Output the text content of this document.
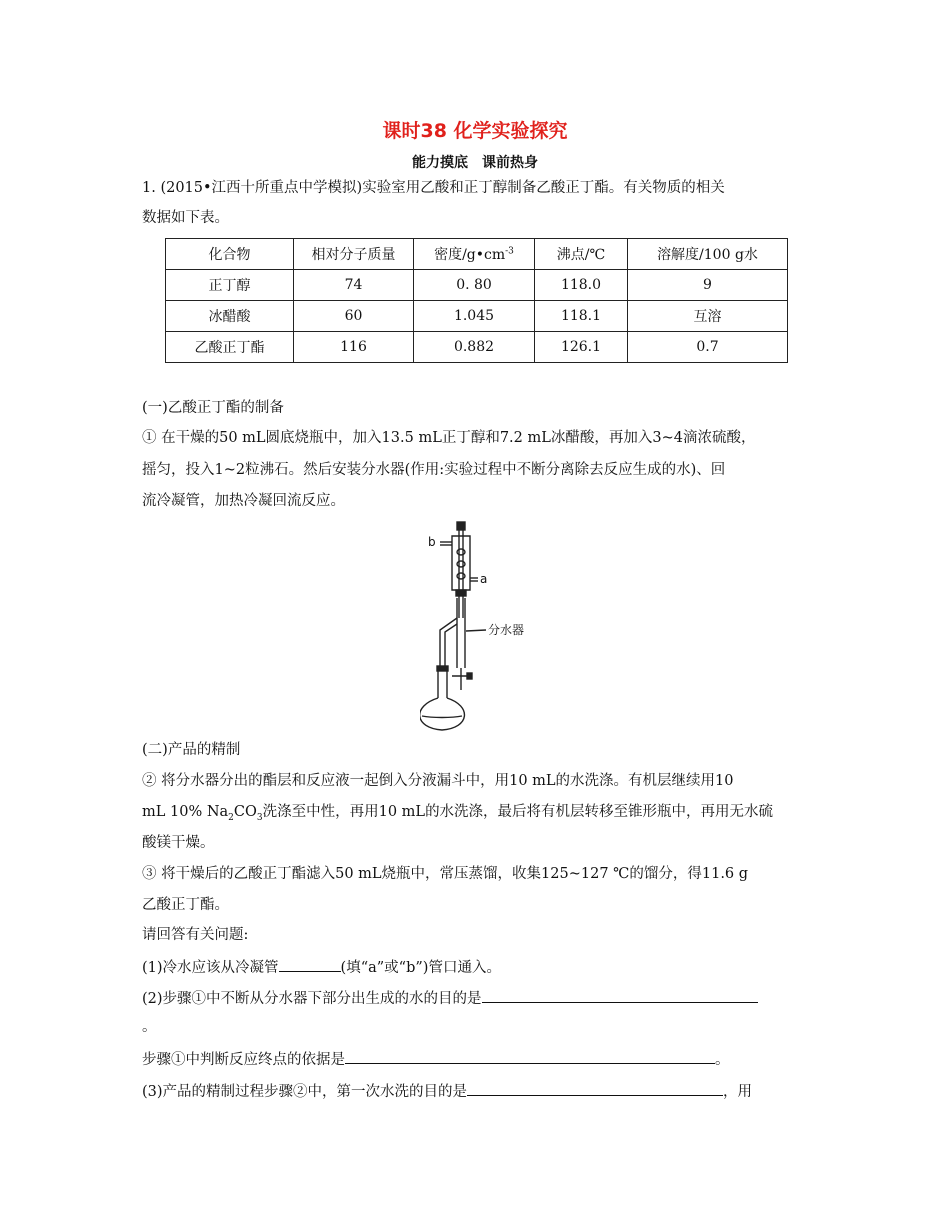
课时38 化学实验探究
能力摸底　课前热身
1. (2015•江西十所重点中学模拟)实验室用乙酸和正丁醇制备乙酸正丁酯。有关物质的相关
数据如下表。
化合物	相对分子质量	密度$/g•cm^{-3}$	沸点/℃	溶解度/100 g水
正丁醇	74	0. 80	118.0	9
冰醋酸	60	1.045	118.1	互溶
乙酸正丁酯	116	0.882	126.1	0.7
(一)乙酸正丁酯的制备
① 在干燥的50 mL圆底烧瓶中，加入13.5 mL正丁醇和7.2 mL冰醋酸，再加入3~4滴浓硫酸，
摇匀，投入1~2粒沸石。然后安装分水器(作用:实验过程中不断分离除去反应生成的水)、回
流冷凝管，加热冷凝回流反应。
b
a
分水器
(二)产品的精制
② 将分水器分出的酯层和反应液一起倒入分液漏斗中，用10 mL的水洗涤。有机层继续用10
mL 10% $Na_2CO_3$洗涤至中性，再用10 mL的水洗涤，最后将有机层转移至锥形瓶中，再用无水硫
酸镁干燥。
③ 将干燥后的乙酸正丁酯滤入50 mL烧瓶中，常压蒸馏，收集125~127 ℃的馏分，得11.6 g
乙酸正丁酯。
请回答有关问题:
(1)冷水应该从冷凝管	(填“a”或“b”)管口通入。
(2)步骤①中不断从分水器下部分出生成的水的目的是
。
步骤①中判断反应终点的依据是	。
(3)产品的精制过程步骤②中，第一次水洗的目的是	，用
